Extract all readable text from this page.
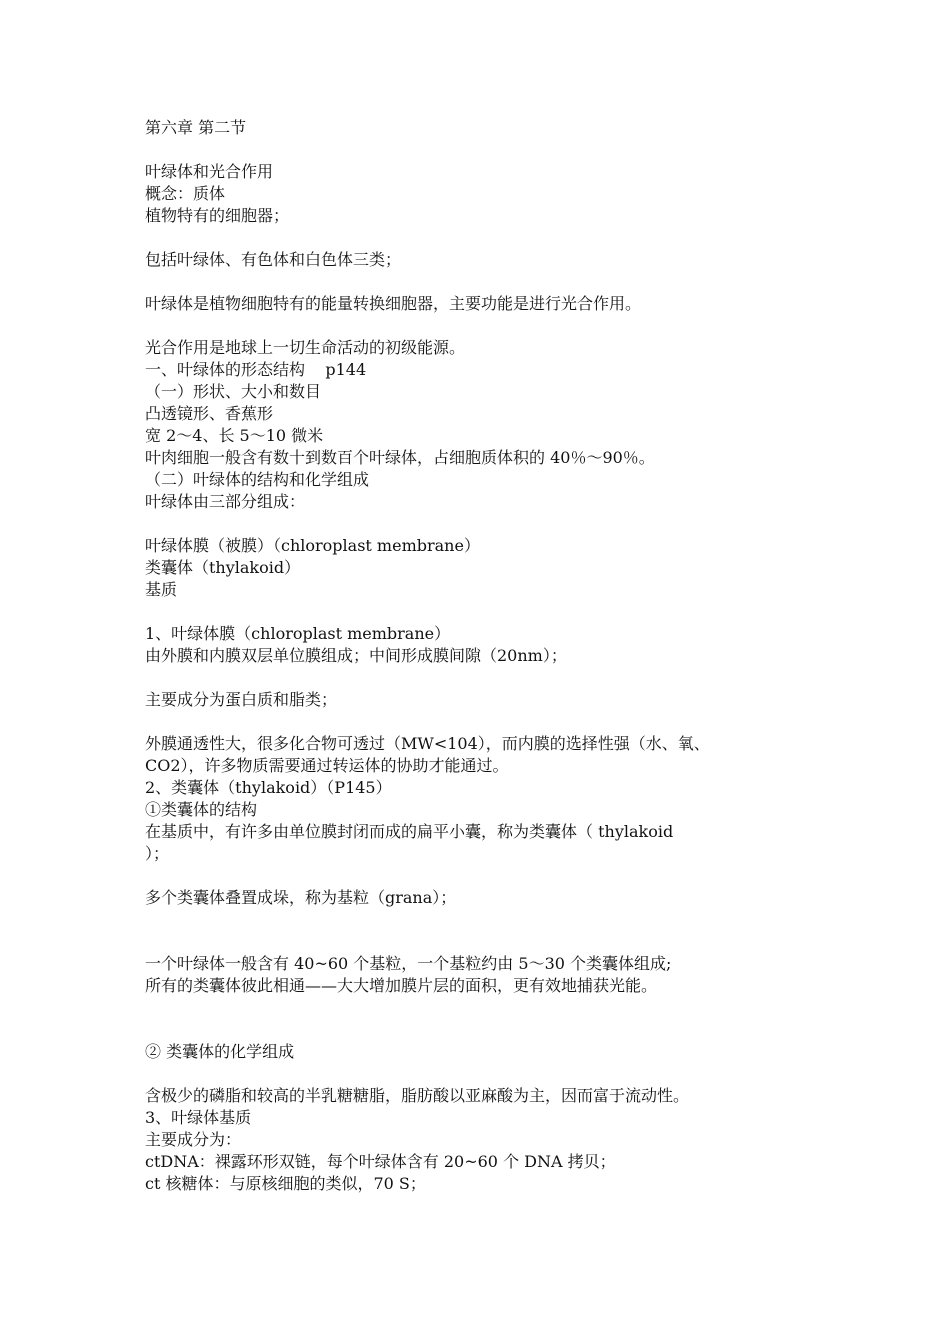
第六章 第二节
叶绿体和光合作用
概念：质体
植物特有的细胞器；
包括叶绿体、有色体和白色体三类；
叶绿体是植物细胞特有的能量转换细胞器，主要功能是进行光合作用。
光合作用是地球上一切生命活动的初级能源。
一、叶绿体的形态结构    p144
（一）形状、大小和数目
凸透镜形、香蕉形
宽 2～4、长 5～10 微米
叶肉细胞一般含有数十到数百个叶绿体，占细胞质体积的 40％～90％。
（二）叶绿体的结构和化学组成
叶绿体由三部分组成：
叶绿体膜（被膜）（chloroplast membrane）
类囊体（thylakoid）
基质
1、叶绿体膜（chloroplast membrane）
由外膜和内膜双层单位膜组成；中间形成膜间隙（20nm）；
主要成分为蛋白质和脂类；
外膜通透性大，很多化合物可透过（MW<104），而内膜的选择性强（水、氧、
CO2），许多物质需要通过转运体的协助才能通过。
2、类囊体（thylakoid）（P145）
①类囊体的结构
在基质中，有许多由单位膜封闭而成的扁平小囊，称为类囊体（ thylakoid
）；
多个类囊体叠置成垛，称为基粒（grana）；
一个叶绿体一般含有 40~60 个基粒，一个基粒约由 5～30 个类囊体组成;
所有的类囊体彼此相通——大大增加膜片层的面积，更有效地捕获光能。
② 类囊体的化学组成
含极少的磷脂和较高的半乳糖糖脂，脂肪酸以亚麻酸为主，因而富于流动性。
3、叶绿体基质
主要成分为：
ctDNA：裸露环形双链，每个叶绿体含有 20~60 个 DNA 拷贝；
ct 核糖体：与原核细胞的类似，70 S；
